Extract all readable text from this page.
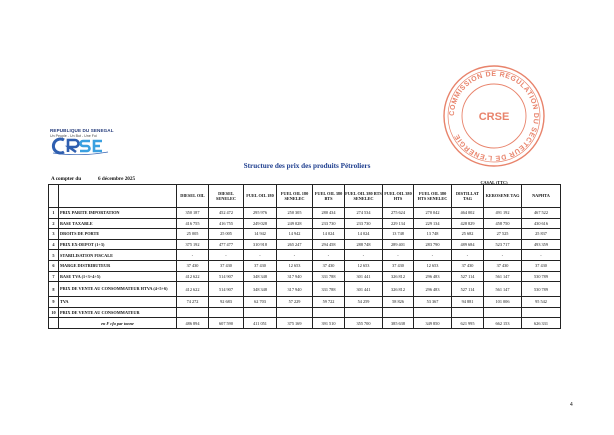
REPUBLIQUE DU SENEGAL
Un Peuple - Un But - Une Foi
COMMISSION DE REGULATION DU SECTEUR DE L'ENERGIE
CRSE
Structure des prix des produits Pétroliers
A compter du	6 décembre 2025
		DIESEL OIL	DIESEL SENELEC	FUEL OIL 180	FUEL OIL 180 SENELEC	FUEL OIL 380 BTS	FUEL OIL 380 BTS SENELEC	FUEL OIL 380 HTS	FUEL OIL 380 HTS SENELEC	DISTILLAT TAG	KEROSENE TAG	NAPHTA
1	PRIX PARITE IMPORTATION	350 187	452 472	295 976	250 305	280 434	274 534	275 624	270 042	464 002	491 192	467 522
2	BASE TAXABLE	416 755	416 755	249 028	249 028	233 730	233 730	229 134	229 134	428 829	458 750	430 616
3	DROITS DE PORTE	25 005	25 005	14 942	14 942	14 024	14 024	13 748	13 748	25 682	27 525	25 837
4	PRIX EX-DEPOT (1+3)	375 192	477 477	310 918	265 247	294 458	288 748	289 401	283 790	489 684	523 717	493 359
5	STABILISATION FISCALE	-	-	-	-	-	-	-	-	-	-	-
6	MARGE DISTRIBUTEUR	37 430	37 430	37 430	12 653	37 430	12 653	37 430	12 653	37 430	37 430	37 430
7	BASE TVA (1+3+4+5)	412 622	514 907	348 348	317 940	331 788	301 441	326 812	296 483	527 114	561 147	530 789
8	PRIX DE VENTE AU CONSOMMATEUR HTVA (4+5+6)	412 622	514 907	348 348	317 940	331 788	301 441	326 812	296 483	527 114	561 147	530 789
9	TVA	74 272	92 683	62 703	57 229	59 722	54 259	58 826	53 367	94 881	101 006	95 542
10	PRIX DE VENTE AU CONSOMMATEUR											
	en F cfa par tonne	486 894	607 590	411 051	375 169	391 510	355 700	385 638	349 850	621 995	662 153	626 331
CASAL (TTC)
4
